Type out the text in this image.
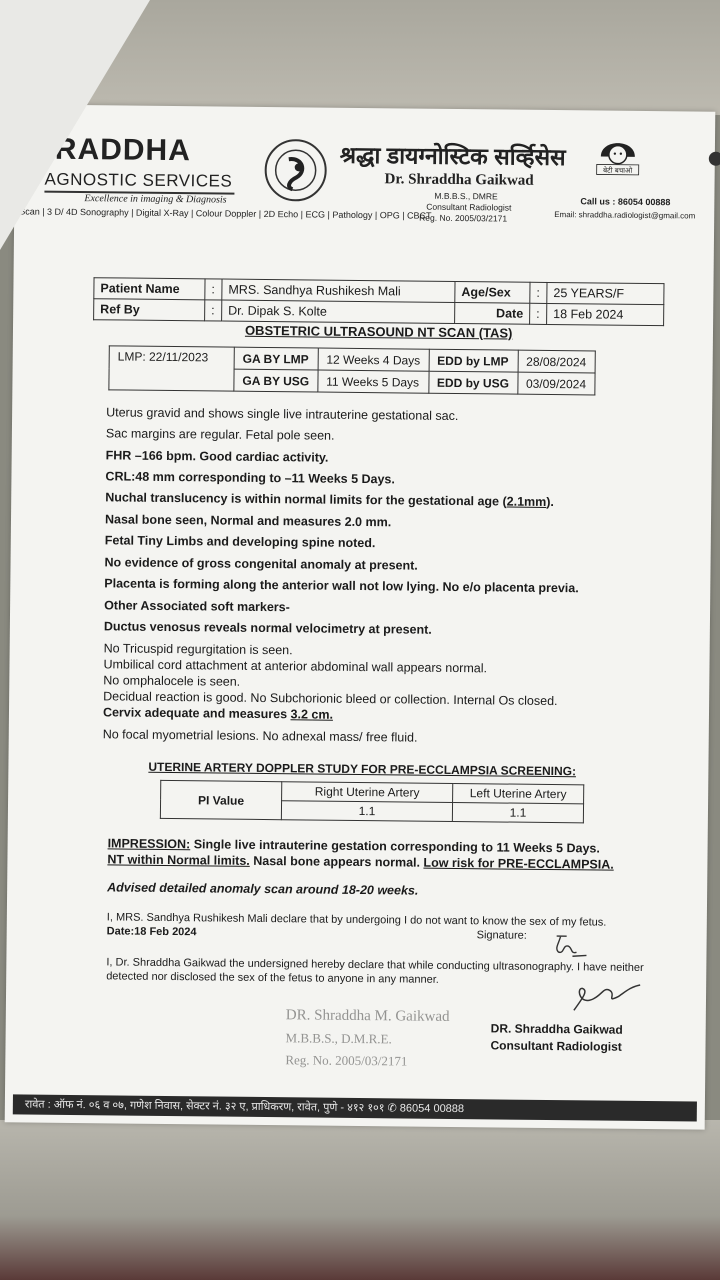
RADDHA
AGNOSTIC SERVICES
Excellence in imaging & Diagnosis
Scan | 3 D/ 4D Sonography | Digital X-Ray | Colour Doppler | 2D Echo | ECG | Pathology | OPG | CBCT
श्रद्धा डायग्नोस्टिक सर्व्हिसेस
Dr. Shraddha Gaikwad
M.B.B.S., DMRE
Consultant Radiologist
Reg. No. 2005/03/2171
बेटी बचाओ
Call us : 86054 00888
Email: shraddha.radiologist@gmail.com
Patient Name	:	MRS. Sandhya Rushikesh Mali	Age/Sex	:	25 YEARS/F
Ref By	:	Dr. Dipak S. Kolte	Date	:	18 Feb 2024
OBSTETRIC ULTRASOUND NT SCAN (TAS)
LMP: 22/11/2023	GA BY LMP	12 Weeks 4 Days	EDD by LMP	28/08/2024
	GA BY USG	11 Weeks 5 Days	EDD by USG	03/09/2024
Uterus gravid and shows single live intrauterine gestational sac.
Sac margins are regular. Fetal pole seen.
FHR –166 bpm. Good cardiac activity.
CRL:48 mm corresponding to –11 Weeks 5 Days.
Nuchal translucency is within normal limits for the gestational age (2.1mm).
Nasal bone seen, Normal and measures 2.0 mm.
Fetal Tiny Limbs and developing spine noted.
No evidence of gross congenital anomaly at present.
Placenta is forming along the anterior wall not low lying. No e/o placenta previa.
Other Associated soft markers-
Ductus venosus reveals normal velocimetry at present.
No Tricuspid regurgitation is seen.
Umbilical cord attachment at anterior abdominal wall appears normal.
No omphalocele is seen.
Decidual reaction is good. No Subchorionic bleed or collection. Internal Os closed.
Cervix adequate and measures 3.2 cm.
No focal myometrial lesions. No adnexal mass/ free fluid.
UTERINE ARTERY DOPPLER STUDY FOR PRE-ECCLAMPSIA SCREENING:
PI Value	Right Uterine Artery	Left Uterine Artery
	1.1	1.1
IMPRESSION: Single live intrauterine gestation corresponding to 11 Weeks 5 Days.
NT within Normal limits. Nasal bone appears normal. Low risk for PRE-ECCLAMPSIA.
Advised detailed anomaly scan around 18-20 weeks.
I, MRS. Sandhya Rushikesh Mali declare that by undergoing I do not want to know the sex of my fetus.
Date:18 Feb 2024	Signature:
I, Dr. Shraddha Gaikwad the undersigned hereby declare that while conducting ultrasonography. I have neither detected nor disclosed the sex of the fetus to anyone in any manner.
DR. Shraddha M. Gaikwad
M.B.B.S., D.M.R.E.
Reg. No. 2005/03/2171
DR. Shraddha Gaikwad
Consultant Radiologist
रावेत : ऑफ नं. ०६ व ०७, गणेश निवास, सेक्टर नं. ३२ ए, प्राधिकरण, रावेत, पुणे - ४१२ १०१ ✆ 86054 00888
